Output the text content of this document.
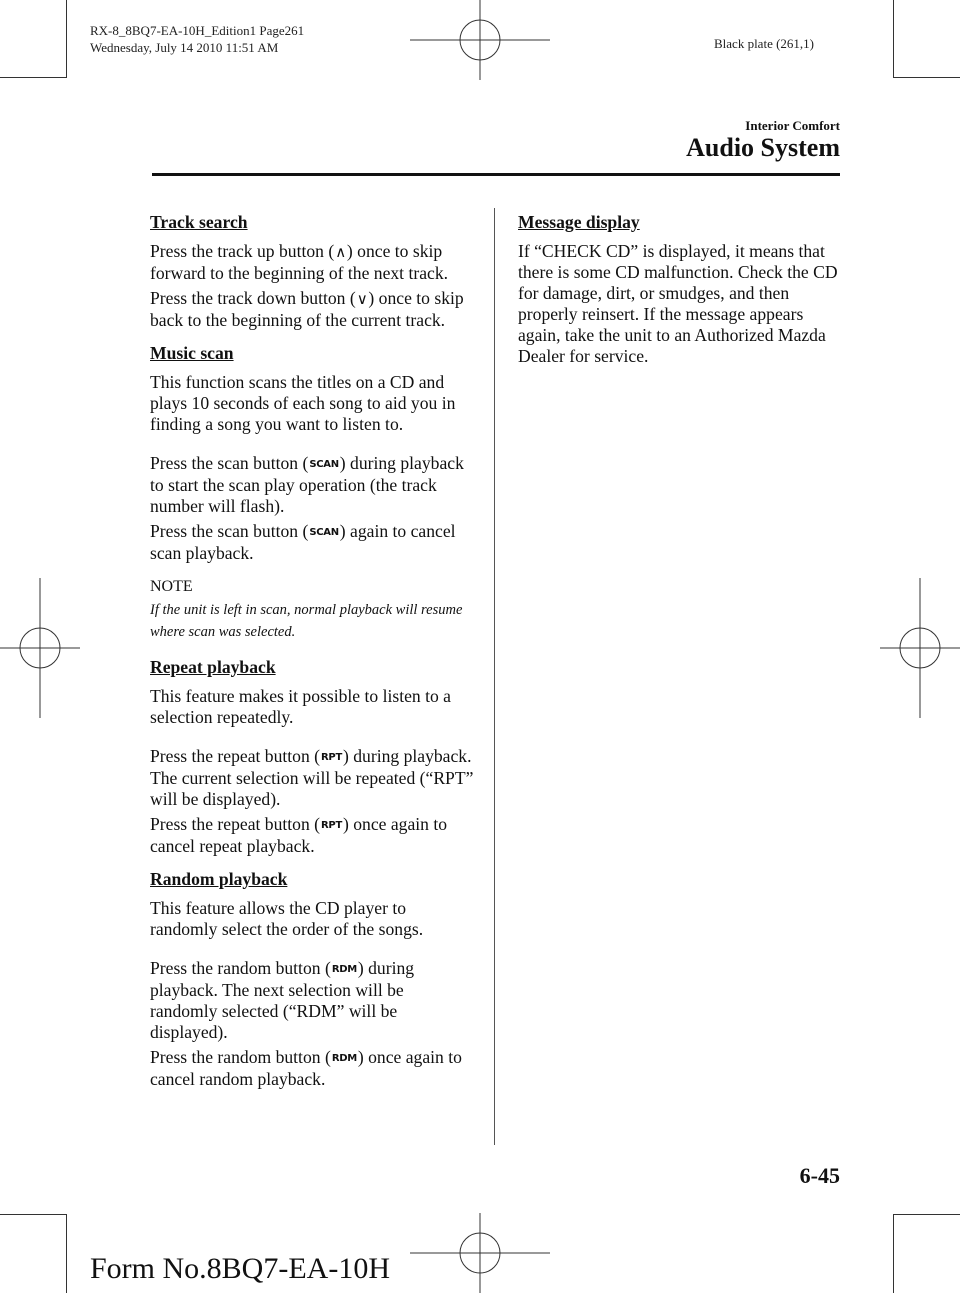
RX-8_8BQ7-EA-10H_Edition1 Page261
Wednesday, July 14 2010 11:51 AM	Black plate (261,1)
Interior Comfort
Audio System
Track search

Press the track up button (∧) once to skip forward to the beginning of the next track.

Press the track down button (∨) once to skip back to the beginning of the current track.

Music scan

This function scans the titles on a CD and plays 10 seconds of each song to aid you in finding a song you want to listen to.

Press the scan button (SCAN) during playback to start the scan play operation (the track number will flash).

Press the scan button (SCAN) again to cancel scan playback.

NOTE

If the unit is left in scan, normal playback will resume where scan was selected.

Repeat playback

This feature makes it possible to listen to a selection repeatedly.

Press the repeat button (RPT) during playback. The current selection will be repeated (“RPT” will be displayed).

Press the repeat button (RPT) once again to cancel repeat playback.

Random playback

This feature allows the CD player to randomly select the order of the songs.

Press the random button (RDM) during playback. The next selection will be randomly selected (“RDM” will be displayed).

Press the random button (RDM) once again to cancel random playback.

Message display

If “CHECK CD” is displayed, it means that there is some CD malfunction. Check the CD for damage, dirt, or smudges, and then properly reinsert. If the message appears again, take the unit to an Authorized Mazda Dealer for service.

6-45
Form No.8BQ7-EA-10H
